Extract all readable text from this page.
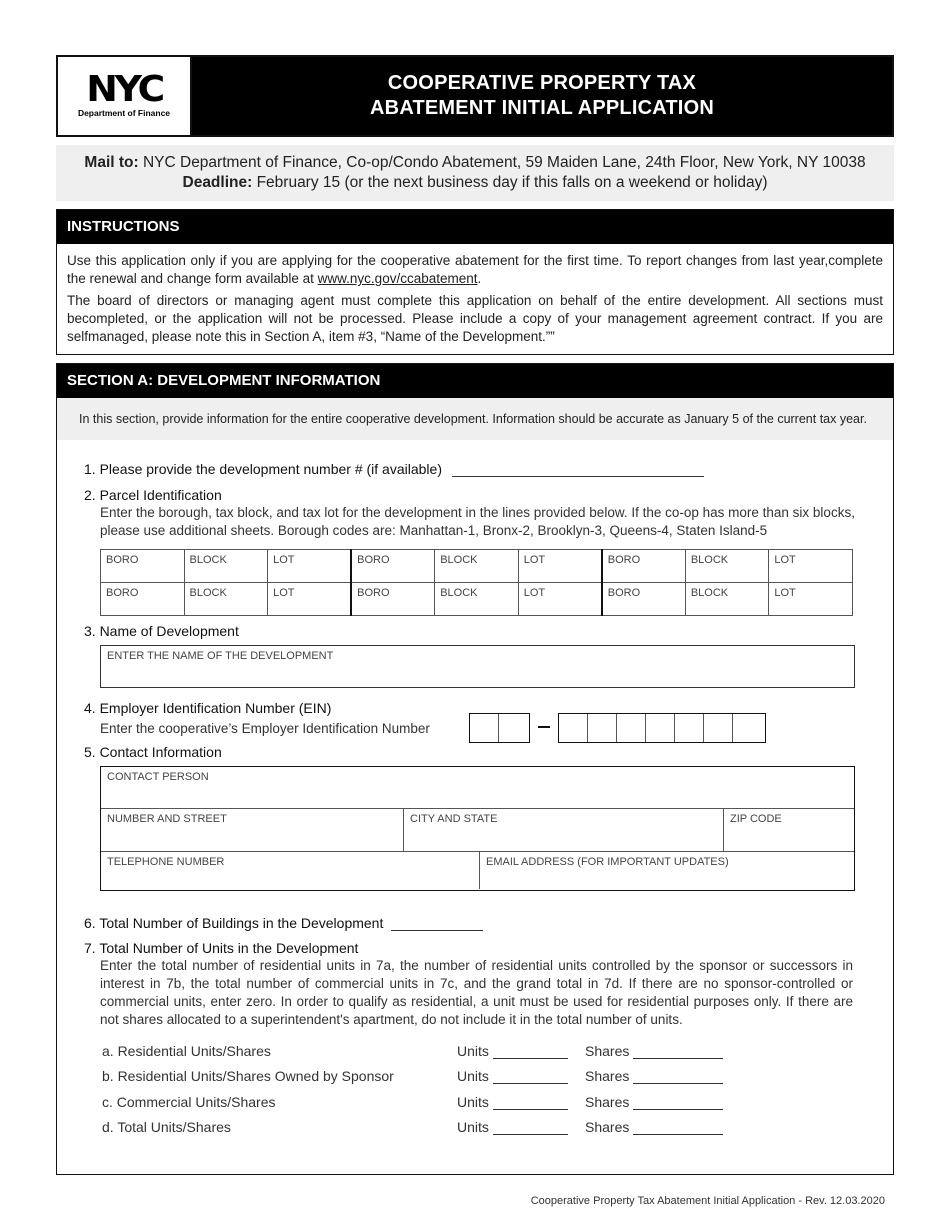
NYC
Department of Finance
COOPERATIVE PROPERTY TAX
ABATEMENT INITIAL APPLICATION
Mail to: NYC Department of Finance, Co-op/Condo Abatement, 59 Maiden Lane, 24th Floor, New York, NY 10038
Deadline: February 15 (or the next business day if this falls on a weekend or holiday)
INSTRUCTIONS

Use this application only if you are applying for the cooperative abatement for the first time. To report changes from last year,complete the renewal and change form available at www.nyc.gov/ccabatement.

The board of directors or managing agent must complete this application on behalf of the entire development. All sections must becompleted, or the application will not be processed. Please include a copy of your management agreement contract. If you are selfmanaged, please note this in Section A, item #3, “Name of the Development.””

SECTION A: DEVELOPMENT INFORMATION
In this section, provide information for the entire cooperative development. Information should be accurate as January 5 of the current tax year.
1. Please provide the development number # (if available)
2. Parcel Identification
Enter the borough, tax block, and tax lot for the development in the lines provided below. If the co-op has more than six blocks, please use additional sheets. Borough codes are: Manhattan-1, Bronx-2, Brooklyn-3, Queens-4, Staten Island-5
BORO	BLOCK	LOT	BORO	BLOCK	LOT	BORO	BLOCK	LOT
BORO	BLOCK	LOT	BORO	BLOCK	LOT	BORO	BLOCK	LOT
3. Name of Development
ENTER THE NAME OF THE DEVELOPMENT
4. Employer Identification Number (EIN)
Enter the cooperative’s Employer Identification Number
5. Contact Information
CONTACT PERSON
NUMBER AND STREET	CITY AND STATE	ZIP CODE
TELEPHONE NUMBER	EMAIL ADDRESS (FOR IMPORTANT UPDATES)
6. Total Number of Buildings in the Development
7. Total Number of Units in the Development
Enter the total number of residential units in 7a, the number of residential units controlled by the sponsor or successors in interest in 7b, the total number of commercial units in 7c, and the grand total in 7d. If there are no sponsor-controlled or commercial units, enter zero. In order to qualify as residential, a unit must be used for residential purposes only. If there are not shares allocated to a superintendent's apartment, do not include it in the total number of units.
a. Residential Units/Shares	Units	Shares
b. Residential Units/Shares Owned by Sponsor	Units	Shares
c. Commercial Units/Shares	Units	Shares
d. Total Units/Shares	Units	Shares
Cooperative Property Tax Abatement Initial Application - Rev. 12.03.2020
